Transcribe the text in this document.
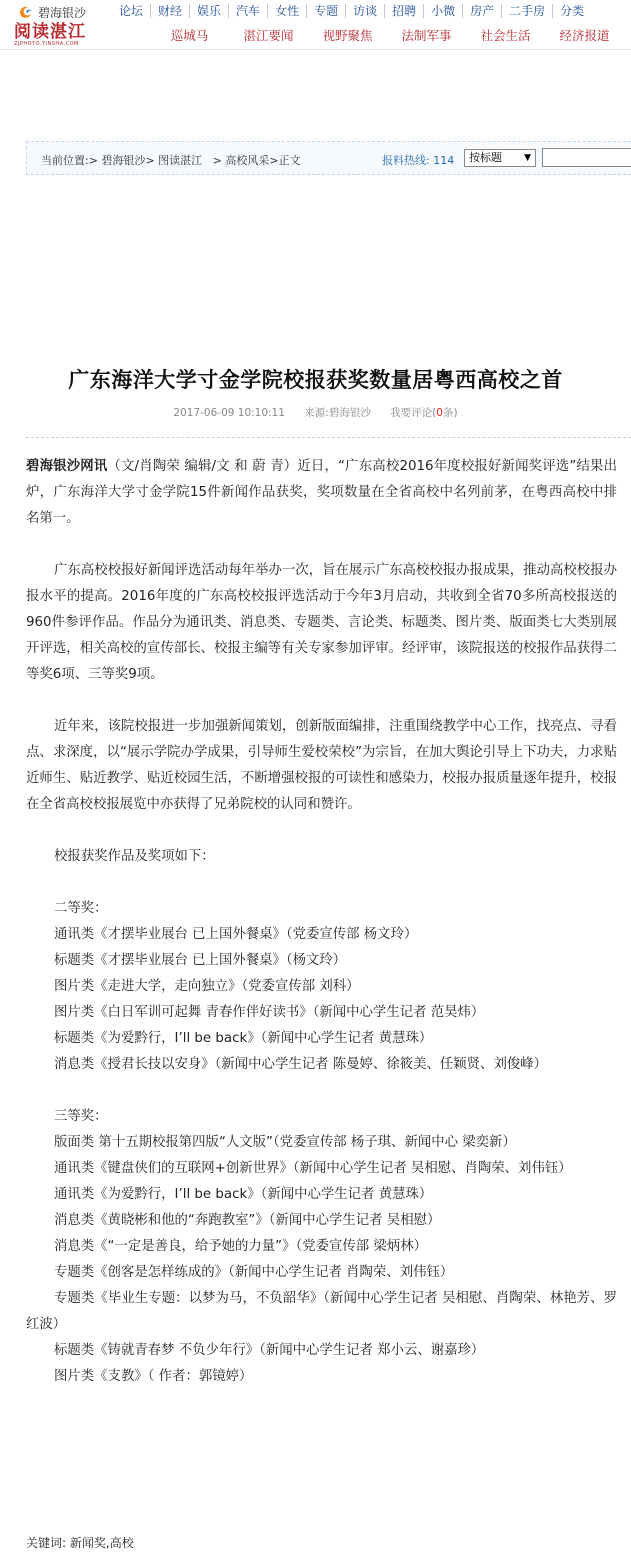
碧海银沙
阅读湛江
ZJPHOTO.YINSHA.COM
论坛	财经	娱乐	汽车	女性	专题	访谈	招聘	小微	房产	二手房	分类
巡城马	湛江要闻	视野聚焦	法制军事	社会生活	经济报道
当前位置:> 碧海银沙> 图读湛江   > 高校风采>正文	报料热线: 114	按标题 ▼
广东海洋大学寸金学院校报获奖数量居粤西高校之首
2017-06-09 10:10:11 来源:碧海银沙 我要评论(0条)

碧海银沙网讯（文/肖陶荣 编辑/文 和 蔚 青）近日，“广东高校2016年度校报好新闻奖评选”结果出炉，广东海洋大学寸金学院15件新闻作品获奖，奖项数量在全省高校中名列前茅，在粤西高校中排名第一。

广东高校校报好新闻评选活动每年举办一次，旨在展示广东高校校报办报成果，推动高校校报办报水平的提高。2016年度的广东高校校报评选活动于今年3月启动，共收到全省70多所高校报送的960件参评作品。作品分为通讯类、消息类、专题类、言论类、标题类、图片类、版面类七大类别展开评选，相关高校的宣传部长、校报主编等有关专家参加评审。经评审，该院报送的校报作品获得二等奖6项、三等奖9项。

近年来，该院校报进一步加强新闻策划，创新版面编排，注重围绕教学中心工作，找亮点、寻看点、求深度，以“展示学院办学成果，引导师生爱校荣校”为宗旨，在加大舆论引导上下功夫，力求贴近师生、贴近教学、贴近校园生活，不断增强校报的可读性和感染力，校报办报质量逐年提升，校报在全省高校校报展览中亦获得了兄弟院校的认同和赞许。

校报获奖作品及奖项如下：

二等奖：

通讯类《才摆毕业展台 已上国外餐桌》（党委宣传部 杨文玲）

标题类《才摆毕业展台 已上国外餐桌》（杨文玲）

图片类《走进大学，走向独立》（党委宣传部 刘科）

图片类《白日军训可起舞 青春作伴好读书》（新闻中心学生记者 范昊炜）

标题类《为爱黔行，I’ll be back》（新闻中心学生记者 黄慧珠）

消息类《授君长技以安身》（新闻中心学生记者 陈曼婷、徐筱美、任颖贤、刘俊峰）

三等奖：

版面类 第十五期校报第四版“人文版”（党委宣传部 杨子琪、新闻中心 梁奕新）

通讯类《键盘侠们的互联网+创新世界》（新闻中心学生记者 吴相慰、肖陶荣、刘伟钰）

通讯类《为爱黔行，I’ll be back》（新闻中心学生记者 黄慧珠）

消息类《黄晓彬和他的“奔跑教室”》（新闻中心学生记者 吴相慰）

消息类《“一定是善良，给予她的力量”》（党委宣传部 梁炳林）

专题类《创客是怎样练成的》（新闻中心学生记者 肖陶荣、刘伟钰）

专题类《毕业生专题：以梦为马，不负韶华》（新闻中心学生记者 吴相慰、肖陶荣、林艳芳、罗红波）

标题类《铸就青春梦 不负少年行》（新闻中心学生记者 郑小云、谢嘉珍）

图片类《支教》（ 作者：郭镜婷）

关键词: 新闻奖,高校
